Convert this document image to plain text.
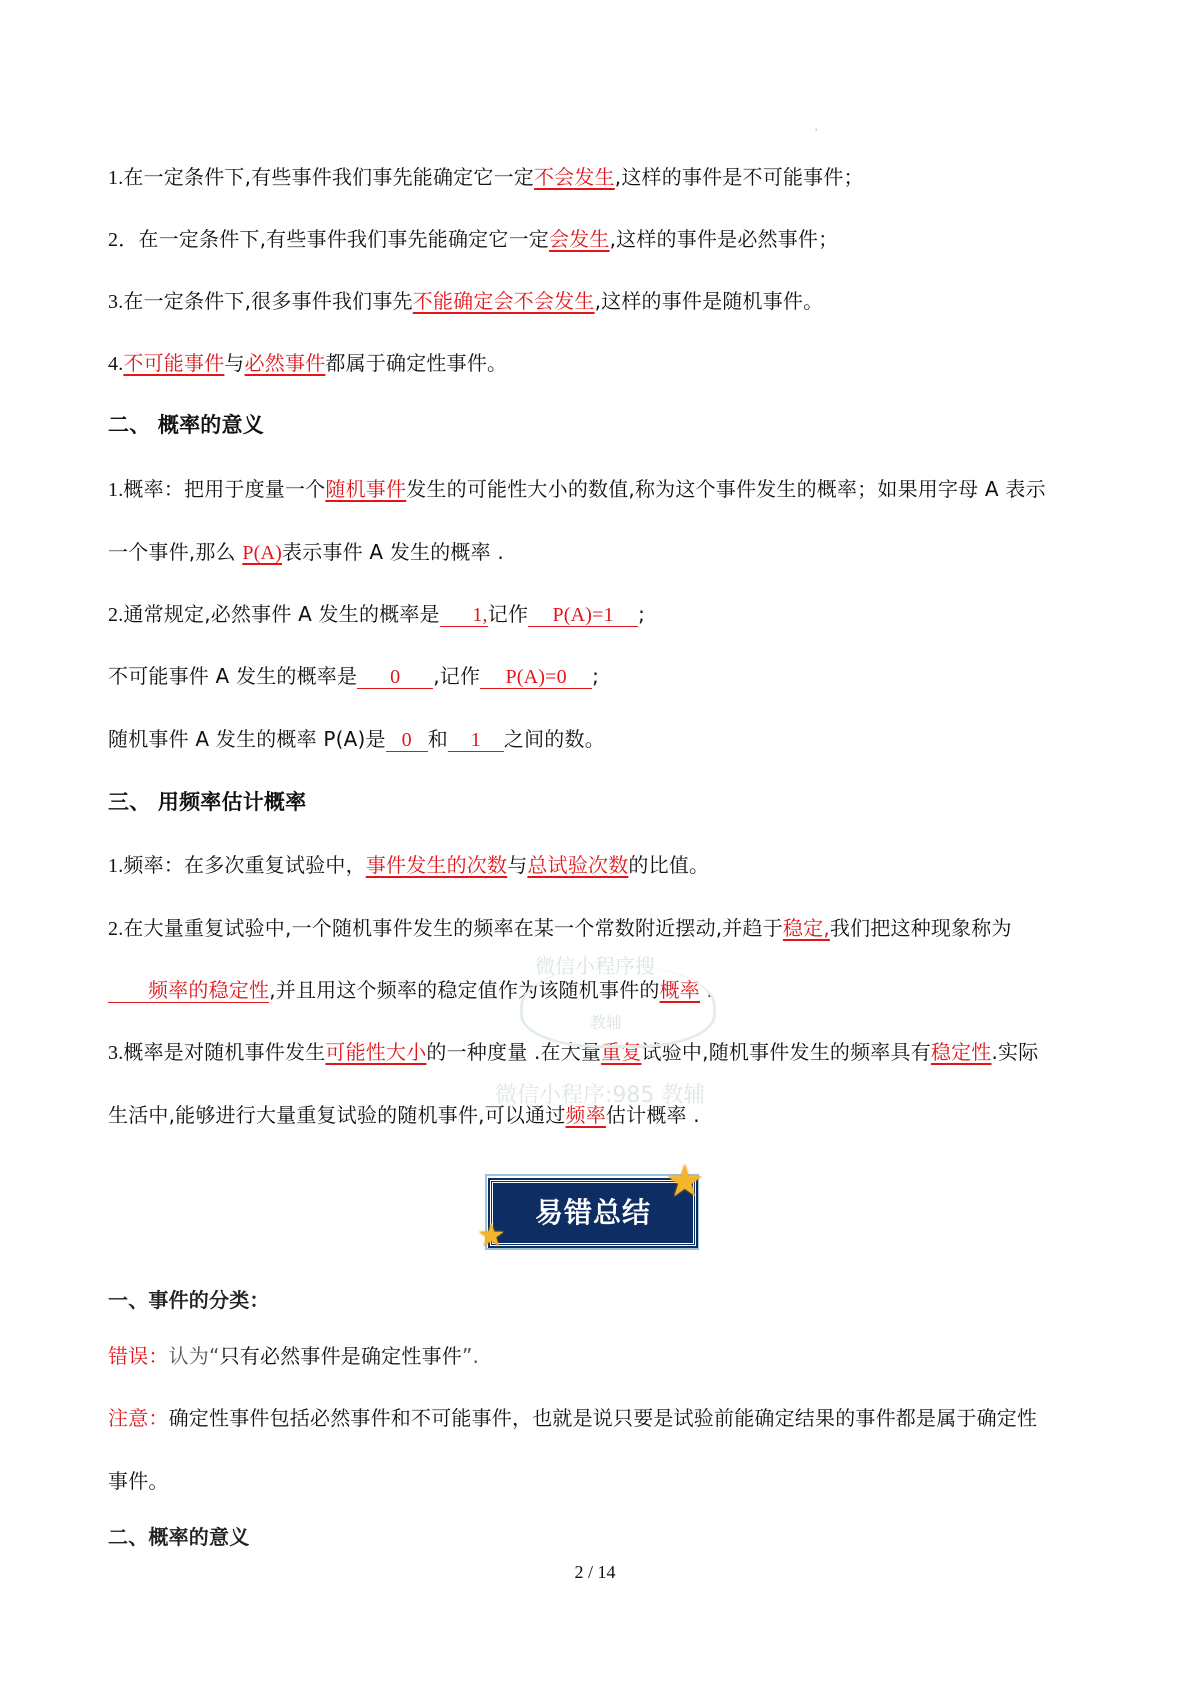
²
1.在一定条件下,有些事件我们事先能确定它一定不会发生,这样的事件是不可能事件；
2．在一定条件下,有些事件我们事先能确定它一定会发生,这样的事件是必然事件；
3.在一定条件下,很多事件我们事先不能确定会不会发生,这样的事件是随机事件。
4.不可能事件与必然事件都属于确定性事件。
二、 概率的意义
1.概率：把用于度量一个随机事件发生的可能性大小的数值,称为这个事件发生的概率；如果用字母 A 表示
一个事件,那么 P(A)表示事件 A 发生的概率 .
2.通常规定,必然事件 A 发生的概率是 1,记作 P(A)=1 ;
不可能事件 A 发生的概率是 0 ,记作 P(A)=0 ;
随机事件 A 发生的概率 P(A)是 0 和 1 之间的数。
三、 用频率估计概率
1.频率：在多次重复试验中，事件发生的次数与总试验次数的比值。
2.在大量重复试验中,一个随机事件发生的频率在某一个常数附近摆动,并趋于稳定,我们把这种现象称为
频率的稳定性,并且用这个频率的稳定值作为该随机事件的概率 .
3.概率是对随机事件发生可能性大小的一种度量 .在大量重复试验中,随机事件发生的频率具有稳定性.实际
生活中,能够进行大量重复试验的随机事件,可以通过频率估计概率 .
微信小程序搜
教辅
微信小程序:985 教辅
易错总结
★
★
一、事件的分类：
错误：认为“只有必然事件是确定性事件”.
注意：确定性事件包括必然事件和不可能事件，也就是说只要是试验前能确定结果的事件都是属于确定性
事件。
二、概率的意义
2 / 14
